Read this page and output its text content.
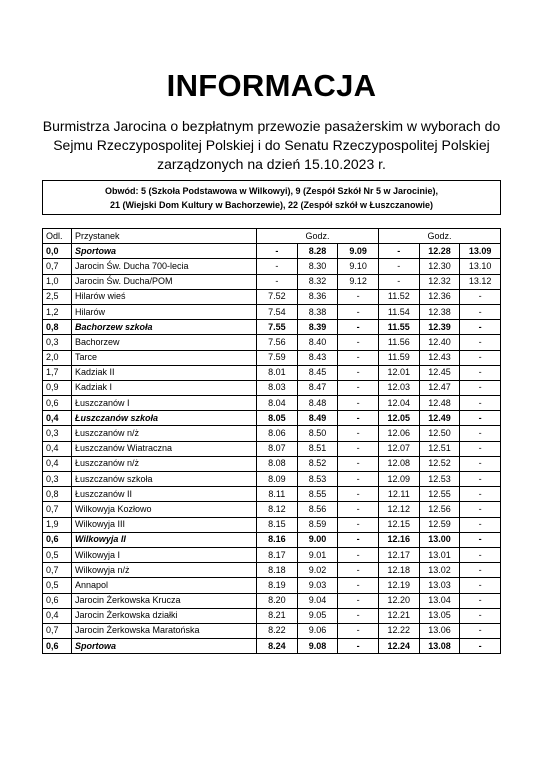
INFORMACJA
Burmistrza Jarocina o bezpłatnym przewozie pasażerskim w wyborach do Sejmu Rzeczypospolitej Polskiej i do Senatu Rzeczypospolitej Polskiej zarządzonych na dzień 15.10.2023 r.
Obwód: 5 (Szkoła Podstawowa w Wilkowyi), 9 (Zespół Szkół Nr 5 w Jarocinie),
21 (Wiejski Dom Kultury w Bachorzewie), 22 (Zespół szkół w Łuszczanowie)
Odl.	Przystanek	Godz.			Godz.		
0,0	Sportowa	-	8.28	9.09	-	12.28	13.09
0,7	Jarocin Św. Ducha 700-lecia	-	8.30	9.10	-	12.30	13.10
1,0	Jarocin Św. Ducha/POM	-	8.32	9.12	-	12.32	13.12
2,5	Hilarów wieś	7.52	8.36	-	11.52	12.36	-
1,2	Hilarów	7.54	8.38	-	11.54	12.38	-
0,8	Bachorzew szkoła	7.55	8.39	-	11.55	12.39	-
0,3	Bachorzew	7.56	8.40	-	11.56	12.40	-
2,0	Tarce	7.59	8.43	-	11.59	12.43	-
1,7	Kadziak II	8.01	8.45	-	12.01	12.45	-
0,9	Kadziak I	8.03	8.47	-	12.03	12.47	-
0,6	Łuszczanów I	8.04	8.48	-	12.04	12.48	-
0,4	Łuszczanów szkoła	8.05	8.49	-	12.05	12.49	-
0,3	Łuszczanów n/ż	8.06	8.50	-	12.06	12.50	-
0,4	Łuszczanów Wiatraczna	8.07	8.51	-	12.07	12.51	-
0,4	Łuszczanów n/ż	8.08	8.52	-	12.08	12.52	-
0,3	Łuszczanów szkoła	8.09	8.53	-	12.09	12.53	-
0,8	Łuszczanów II	8.11	8.55	-	12.11	12.55	-
0,7	Wilkowyja Kozłowo	8.12	8.56	-	12.12	12.56	-
1,9	Wilkowyja III	8.15	8.59	-	12.15	12.59	-
0,6	Wilkowyja II	8.16	9.00	-	12.16	13.00	-
0,5	Wilkowyja I	8.17	9.01	-	12.17	13.01	-
0,7	Wilkowyja n/ż	8.18	9.02	-	12.18	13.02	-
0,5	Annapol	8.19	9.03	-	12.19	13.03	-
0,6	Jarocin Żerkowska Krucza	8.20	9.04	-	12.20	13.04	-
0,4	Jarocin Żerkowska działki	8.21	9.05	-	12.21	13.05	-
0,7	Jarocin Żerkowska Maratońska	8.22	9.06	-	12.22	13.06	-
0,6	Sportowa	8.24	9.08	-	12.24	13.08	-
